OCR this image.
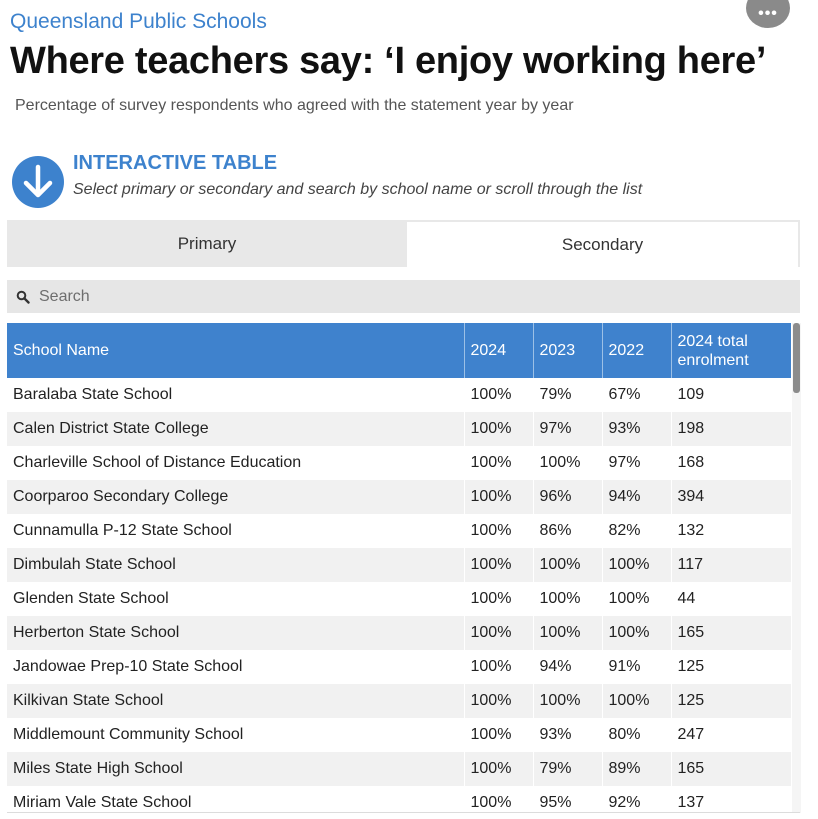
•••
Queensland Public Schools
Where teachers say: ‘I enjoy working here’
Percentage of survey respondents who agreed with the statement year by year
INTERACTIVE TABLE
Select primary or secondary and search by school name or scroll through the list
Primary	Secondary
Search
School Name	2024	2023	2022	2024 total enrolment
Baralaba State School	100%	79%	67%	109
Calen District State College	100%	97%	93%	198
Charleville School of Distance Education	100%	100%	97%	168
Coorparoo Secondary College	100%	96%	94%	394
Cunnamulla P-12 State School	100%	86%	82%	132
Dimbulah State School	100%	100%	100%	117
Glenden State School	100%	100%	100%	44
Herberton State School	100%	100%	100%	165
Jandowae Prep-10 State School	100%	94%	91%	125
Kilkivan State School	100%	100%	100%	125
Middlemount Community School	100%	93%	80%	247
Miles State High School	100%	79%	89%	165
Miriam Vale State School	100%	95%	92%	137
